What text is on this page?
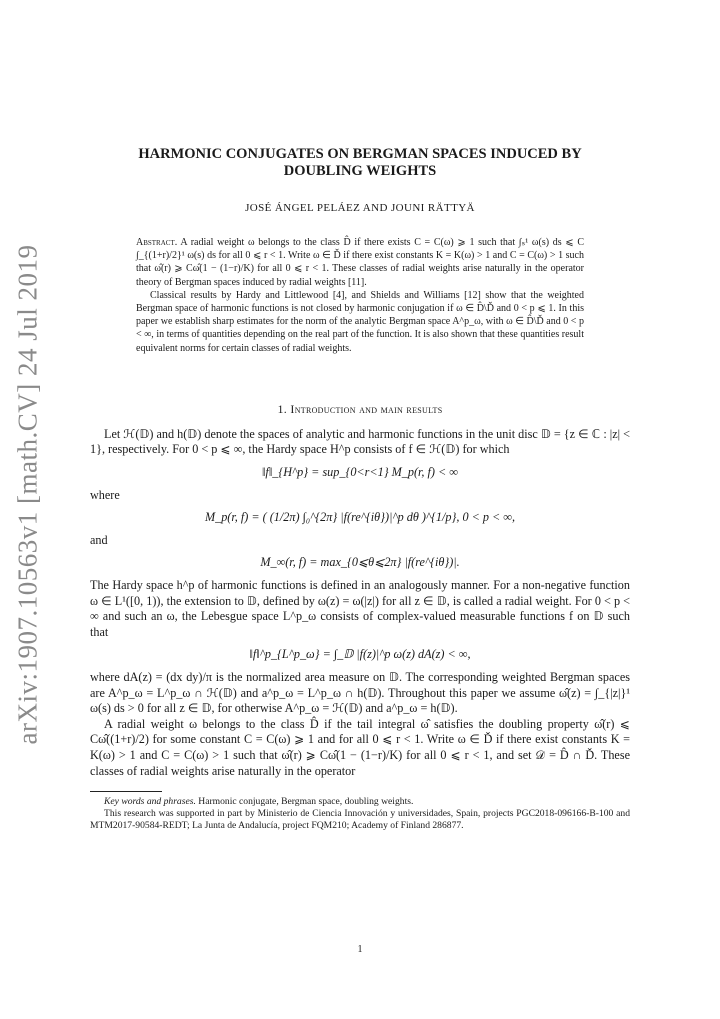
arXiv:1907.10563v1 [math.CV] 24 Jul 2019
HARMONIC CONJUGATES ON BERGMAN SPACES INDUCED BY DOUBLING WEIGHTS
JOSÉ ÁNGEL PELÁEZ AND JOUNI RÄTTYÄ

Abstract. A radial weight ω belongs to the class D̂ if there exists C = C(ω) ⩾ 1 such that ∫ₛ¹ ω(s) ds ⩽ C ∫_{(1+r)/2}¹ ω(s) ds for all 0 ⩽ r < 1. Write ω ∈ Ď if there exist constants K = K(ω) > 1 and C = C(ω) > 1 such that ω̂(r) ⩾ Cω̂(1 − (1−r)/K) for all 0 ⩽ r < 1. These classes of radial weights arise naturally in the operator theory of Bergman spaces induced by radial weights [11].

Classical results by Hardy and Littlewood [4], and Shields and Williams [12] show that the weighted Bergman space of harmonic functions is not closed by harmonic conjugation if ω ∈ D̂\Ď and 0 < p ⩽ 1. In this paper we establish sharp estimates for the norm of the analytic Bergman space A^p_ω, with ω ∈ D̂\Ď and 0 < p < ∞, in terms of quantities depending on the real part of the function. It is also shown that these quantities result equivalent norms for certain classes of radial weights.

1. Introduction and main results

Let ℋ(𝔻) and h(𝔻) denote the spaces of analytic and harmonic functions in the unit disc 𝔻 = {z ∈ ℂ : |z| < 1}, respectively. For 0 < p ⩽ ∞, the Hardy space H^p consists of f ∈ ℋ(𝔻) for which

‖f‖_{H^p} = sup_{0<r<1} M_p(r, f) < ∞

where

M_p(r, f) = ( (1/2π) ∫₀^{2π} |f(re^{iθ})|^p dθ )^{1/p}, 0 < p < ∞,

and

M_∞(r, f) = max_{0⩽θ⩽2π} |f(re^{iθ})|.

The Hardy space h^p of harmonic functions is defined in an analogously manner. For a non-negative function ω ∈ L¹([0, 1)), the extension to 𝔻, defined by ω(z) = ω(|z|) for all z ∈ 𝔻, is called a radial weight. For 0 < p < ∞ and such an ω, the Lebesgue space L^p_ω consists of complex-valued measurable functions f on 𝔻 such that

‖f‖^p_{L^p_ω} = ∫_𝔻 |f(z)|^p ω(z) dA(z) < ∞,

where dA(z) = (dx dy)/π is the normalized area measure on 𝔻. The corresponding weighted Bergman spaces are A^p_ω = L^p_ω ∩ ℋ(𝔻) and a^p_ω = L^p_ω ∩ h(𝔻). Throughout this paper we assume ω̂(z) = ∫_{|z|}¹ ω(s) ds > 0 for all z ∈ 𝔻, for otherwise A^p_ω = ℋ(𝔻) and a^p_ω = h(𝔻).

A radial weight ω belongs to the class D̂ if the tail integral ω̂ satisfies the doubling property ω̂(r) ⩽ Cω̂((1+r)/2) for some constant C = C(ω) ⩾ 1 and for all 0 ⩽ r < 1. Write ω ∈ Ď if there exist constants K = K(ω) > 1 and C = C(ω) > 1 such that ω̂(r) ⩾ Cω̂(1 − (1−r)/K) for all 0 ⩽ r < 1, and set 𝒟 = D̂ ∩ Ď. These classes of radial weights arise naturally in the operator

Key words and phrases. Harmonic conjugate, Bergman space, doubling weights.

This research was supported in part by Ministerio de Ciencia Innovación y universidades, Spain, projects PGC2018-096166-B-100 and MTM2017-90584-REDT; La Junta de Andalucía, project FQM210; Academy of Finland 286877.

1
